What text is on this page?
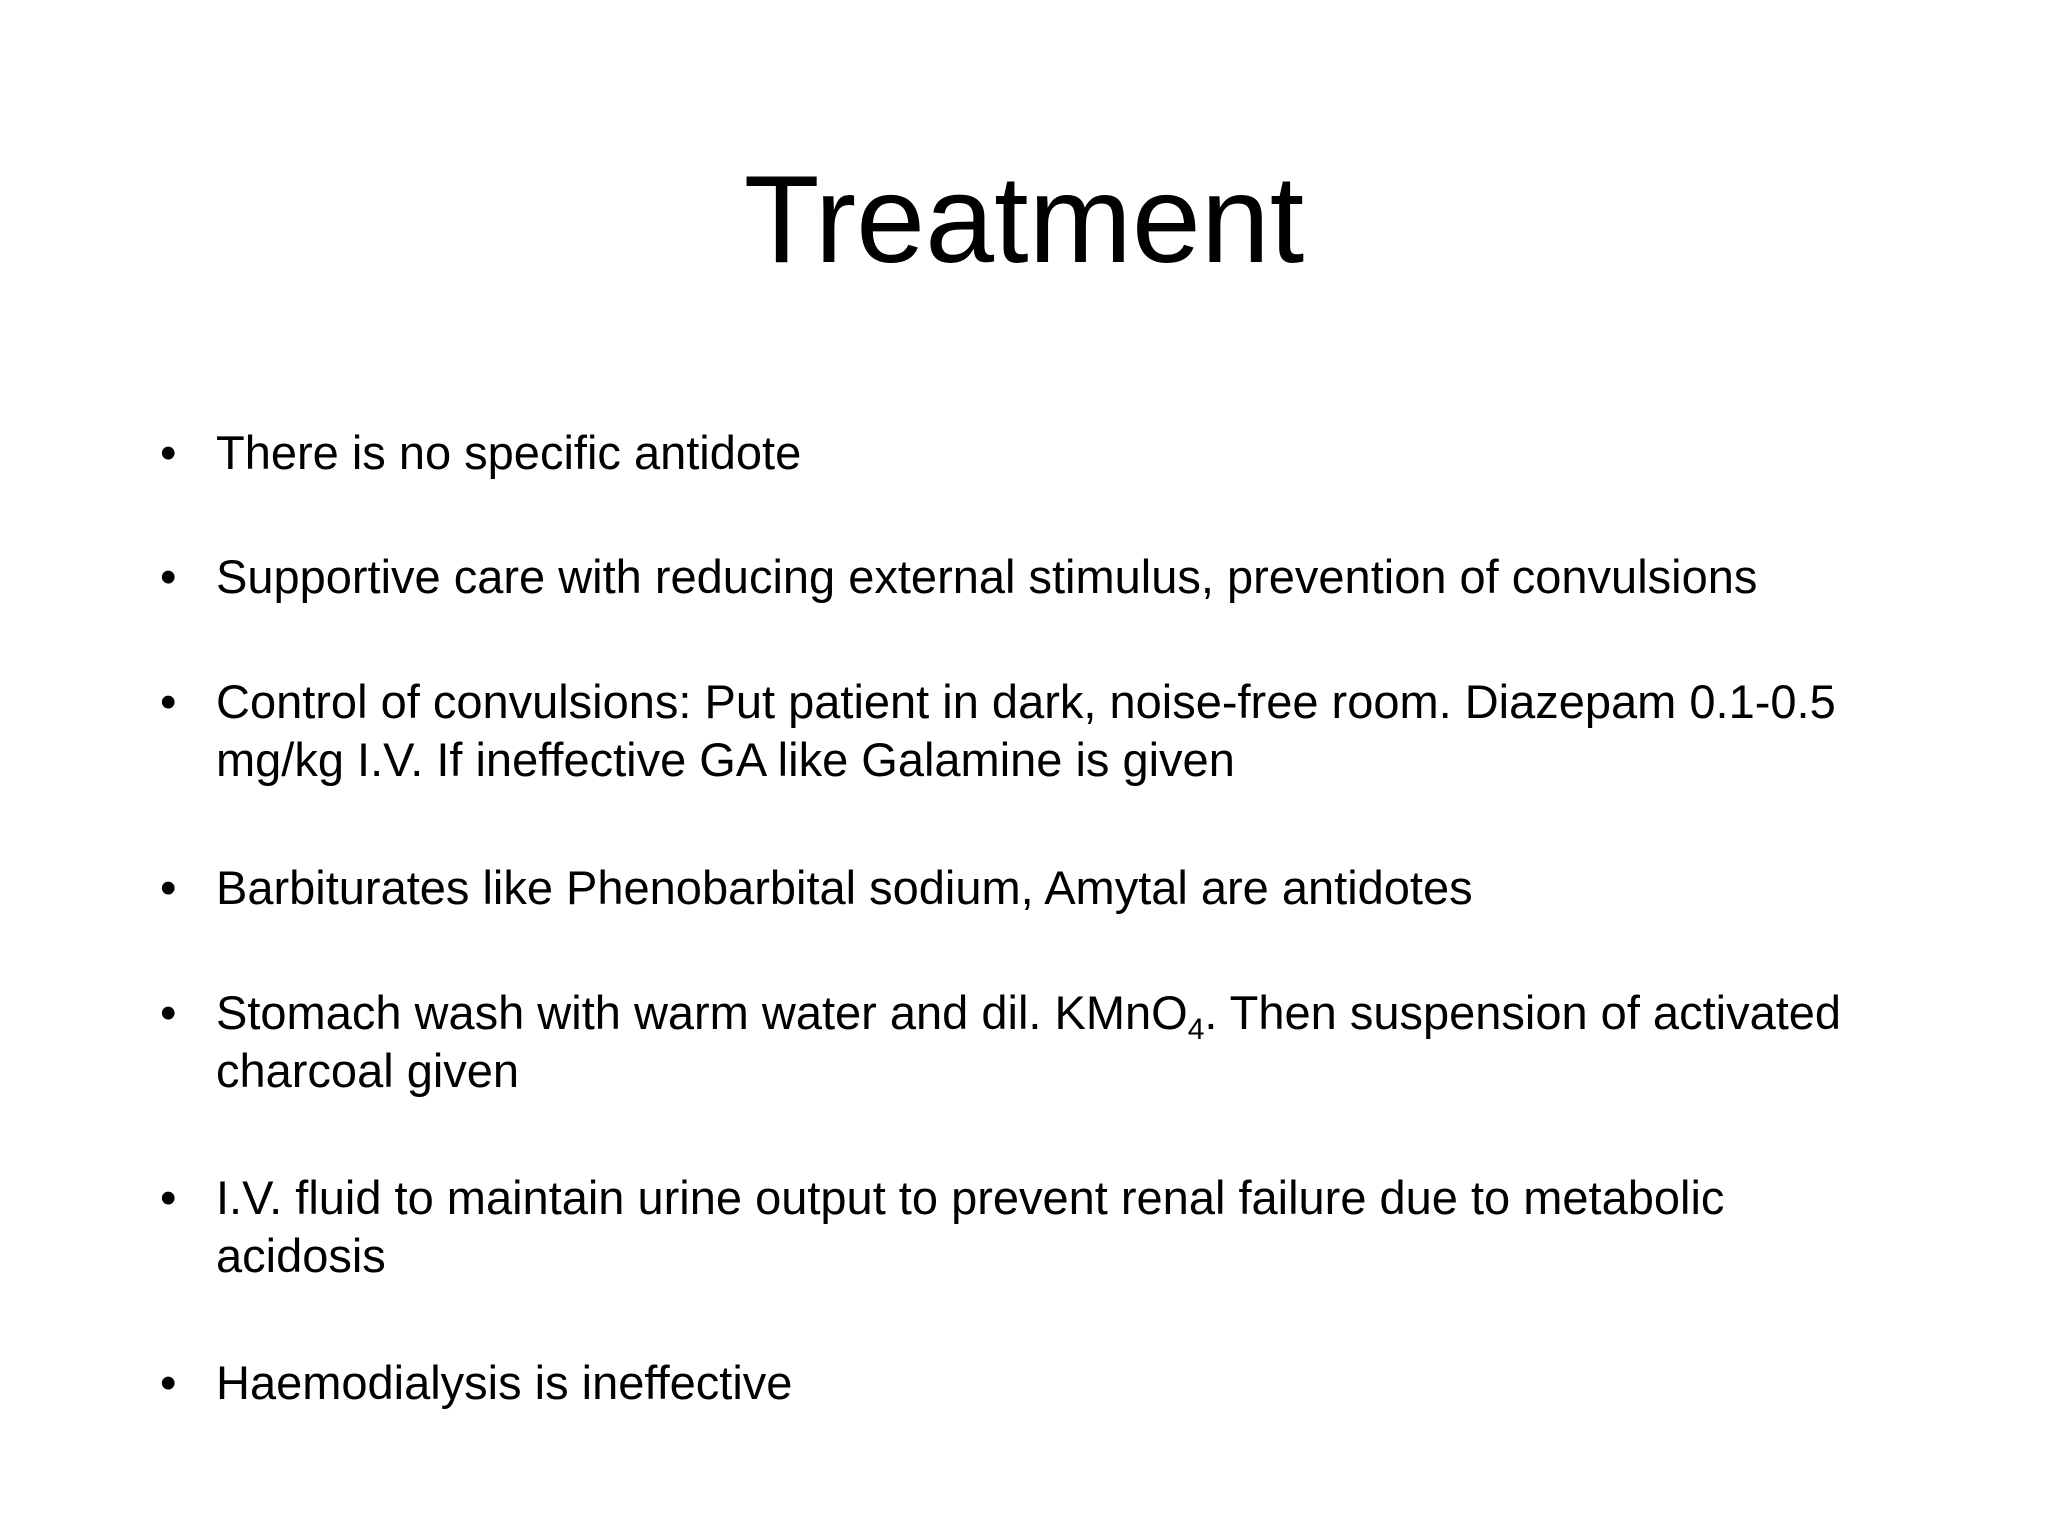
Treatment
• There is no specific antidote
• Supportive care with reducing external stimulus, prevention of convulsions
• Control of convulsions: Put patient in dark, noise-free room. Diazepam 0.1-0.5 mg/kg I.V. If ineffective GA like Galamine is given
• Barbiturates like Phenobarbital sodium, Amytal are antidotes
• Stomach wash with warm water and dil. KMnO$_4$. Then suspension of activated charcoal given
• I.V. fluid to maintain urine output to prevent renal failure due to metabolic acidosis
• Haemodialysis is ineffective
